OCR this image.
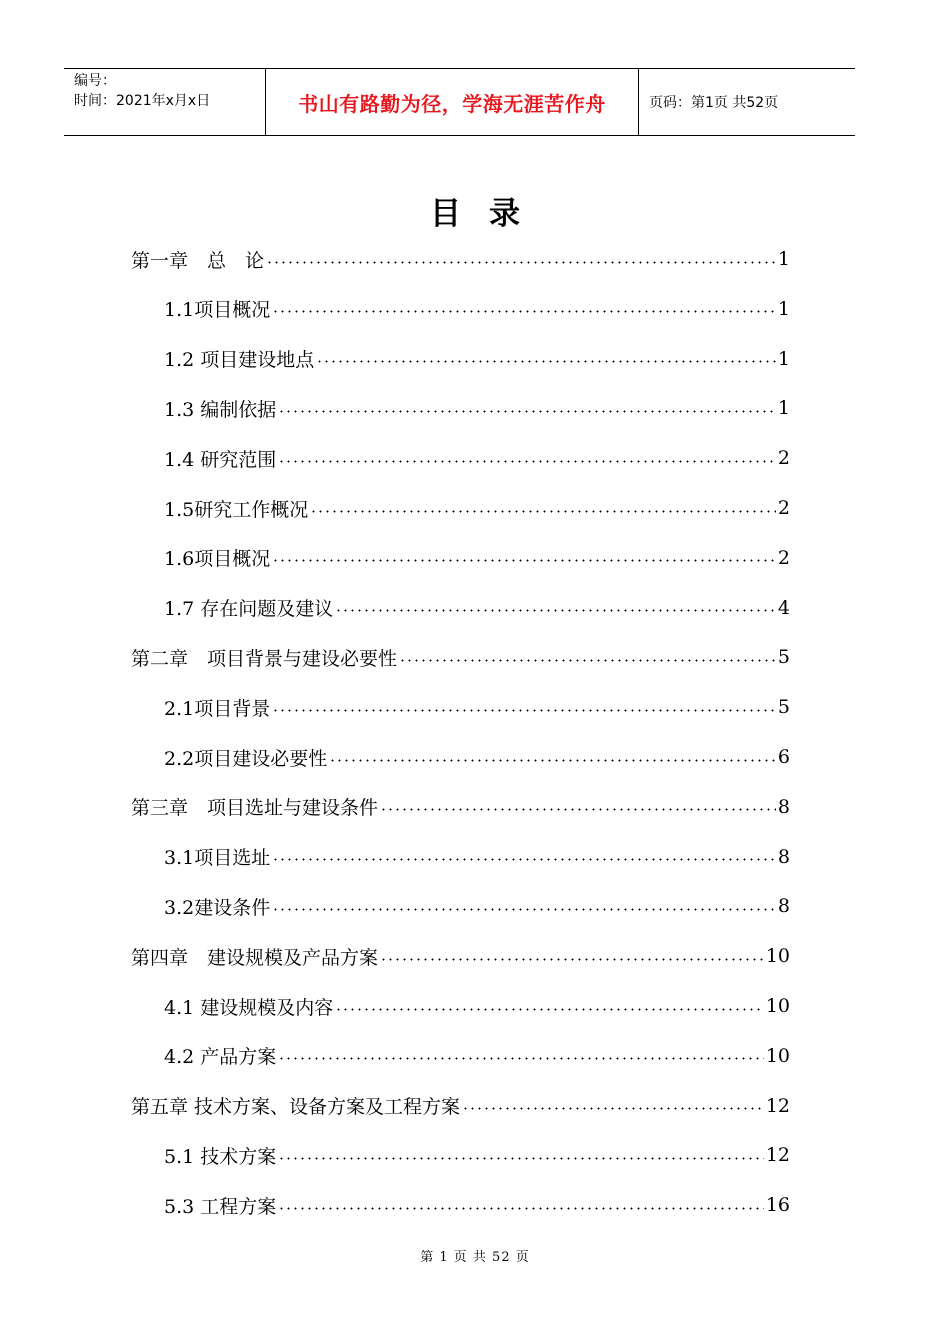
编号：
时间：2021年x月x日	书山有路勤为径，学海无涯苦作舟	页码：第1页 共52页
目录
第一章　总　论	1
1.1项目概况	1
1.2 项目建设地点	1
1.3 编制依据	1
1.4 研究范围	2
1.5研究工作概况	2
1.6项目概况	2
1.7 存在问题及建议	4
第二章　项目背景与建设必要性	5
2.1项目背景	5
2.2项目建设必要性	6
第三章　项目选址与建设条件	8
3.1项目选址	8
3.2建设条件	8
第四章　建设规模及产品方案	10
4.1 建设规模及内容	10
4.2 产品方案	10
第五章 技术方案、设备方案及工程方案	12
5.1 技术方案	12
5.3 工程方案	16
第 1 页 共 52 页
